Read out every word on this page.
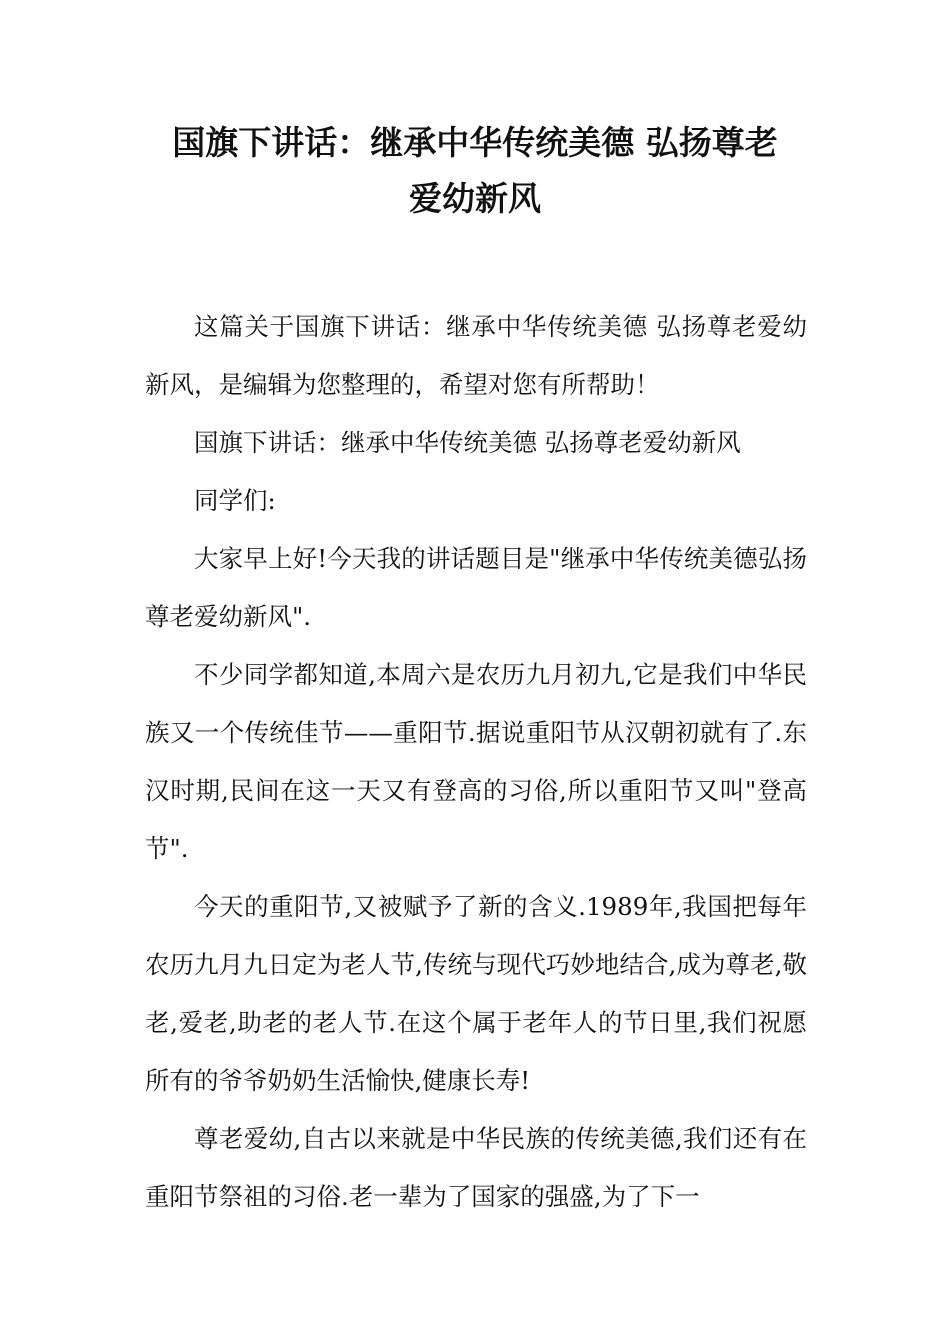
国旗下讲话：继承中华传统美德 弘扬尊老
爱幼新风

这篇关于国旗下讲话：继承中华传统美德 弘扬尊老爱幼新风，是编辑为您整理的，希望对您有所帮助！

国旗下讲话：继承中华传统美德 弘扬尊老爱幼新风

同学们:

大家早上好!今天我的讲话题目是"继承中华传统美德弘扬尊老爱幼新风".

不少同学都知道,本周六是农历九月初九,它是我们中华民族又一个传统佳节——重阳节.据说重阳节从汉朝初就有了.东汉时期,民间在这一天又有登高的习俗,所以重阳节又叫"登高节".

今天的重阳节,又被赋予了新的含义.1989年,我国把每年农历九月九日定为老人节,传统与现代巧妙地结合,成为尊老,敬老,爱老,助老的老人节.在这个属于老年人的节日里,我们祝愿所有的爷爷奶奶生活愉快,健康长寿!

尊老爱幼,自古以来就是中华民族的传统美德,我们还有在重阳节祭祖的习俗.老一辈为了国家的强盛,为了下一
